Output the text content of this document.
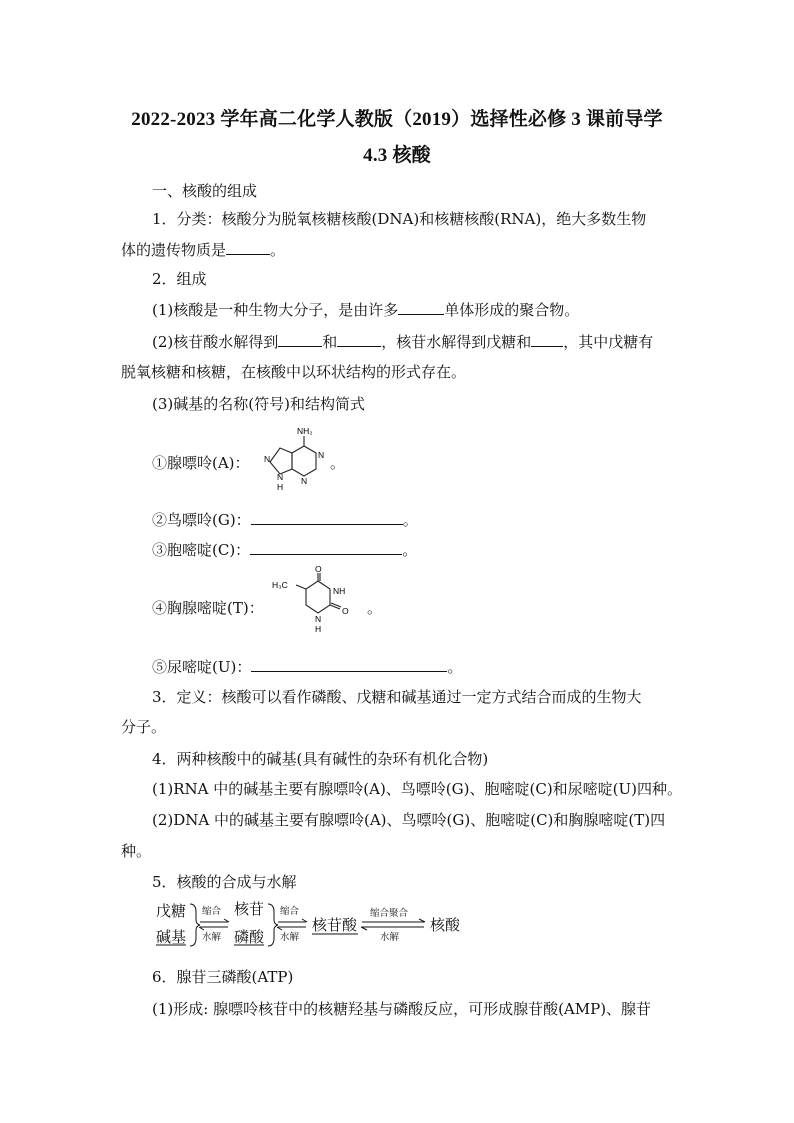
2022-2023 学年高二化学人教版（2019）选择性必修 3 课前导学
4.3 核酸
一、核酸的组成
1．分类：核酸分为脱氧核糖核酸(DNA)和核糖核酸(RNA)，绝大多数生物
体的遗传物质是	。
2．组成
(1)核酸是一种生物大分子，是由许多	单体形成的聚合物。
(2)核苷酸水解得到	和	，核苷水解得到戊糖和 ，其中戊糖有
脱氧核糖和核糖，在核酸中以环状结构的形式存在。
(3)碱基的名称(符号)和结构简式
①腺嘌呤(A)：
NH₂
N
N
N
N
H
。
②鸟嘌呤(G)：	。
③胞嘧啶(C)：	。
④胸腺嘧啶(T)：
H₃C
O
NH
O
N
H
。
⑤尿嘧啶(U)：	。
3．定义：核酸可以看作磷酸、戊糖和碱基通过一定方式结合而成的生物大
分子。
4．两种核酸中的碱基(具有碱性的杂环有机化合物)
(1)RNA 中的碱基主要有腺嘌呤(A)、鸟嘌呤(G)、胞嘧啶(C)和尿嘧啶(U)四种。
(2)DNA 中的碱基主要有腺嘌呤(A)、鸟嘌呤(G)、胞嘧啶(C)和胸腺嘧啶(T)四
种。
5．核酸的合成与水解
戊糖
碱基
核苷
磷酸
核苷酸	核酸
缩合
水解
缩合
水解
缩合聚合
水解
6．腺苷三磷酸(ATP)
(1)形成: 腺嘌呤核苷中的核糖羟基与磷酸反应，可形成腺苷酸(AMP)、腺苷
